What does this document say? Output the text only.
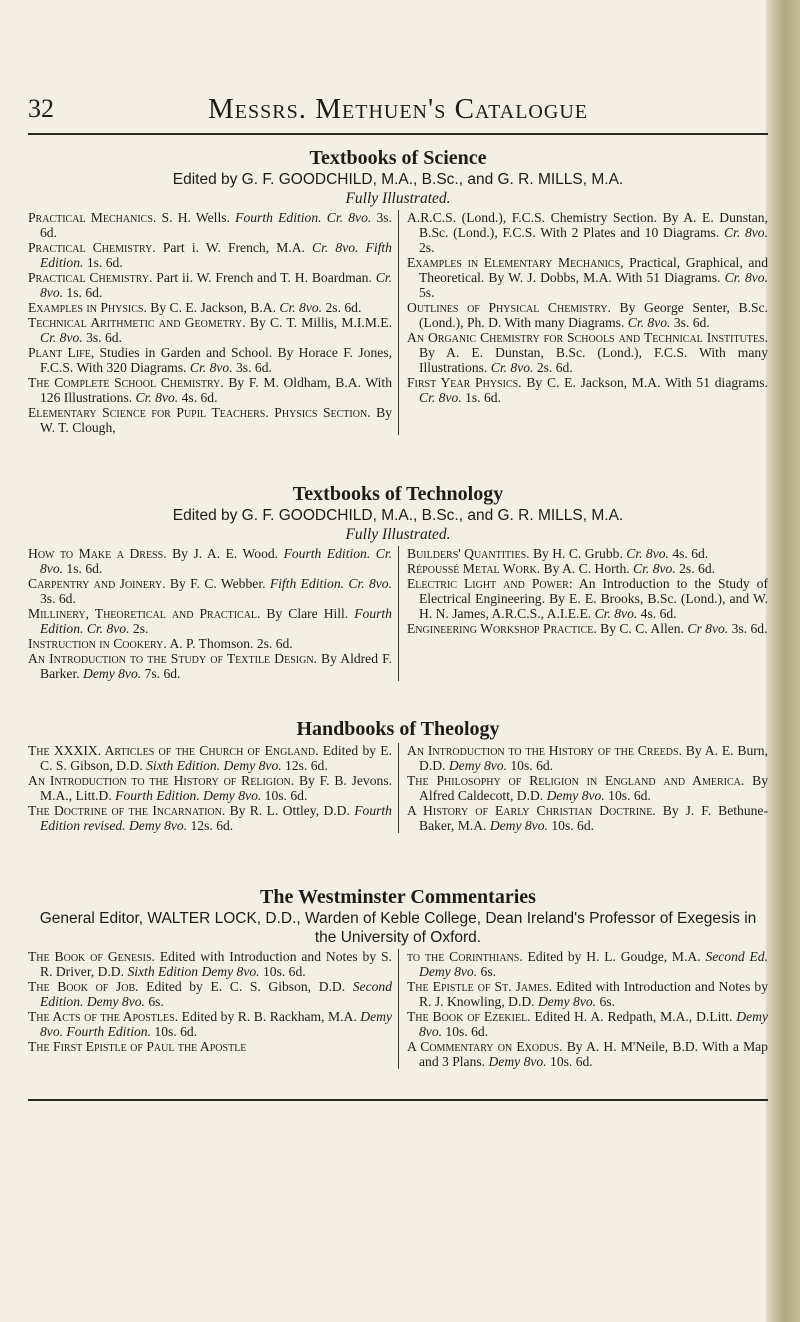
Messrs. Methuen's Catalogue
32
Textbooks of Science
Edited by G. F. GOODCHILD, M.A., B.Sc., and G. R. MILLS, M.A.
Fully Illustrated.

Practical Mechanics. S. H. Wells. Fourth Edition. Cr. 8vo. 3s. 6d.

Practical Chemistry. Part i. W. French, M.A. Cr. 8vo. Fifth Edition. 1s. 6d.

Practical Chemistry. Part ii. W. French and T. H. Boardman. Cr. 8vo. 1s. 6d.

Examples in Physics. By C. E. Jackson, B.A. Cr. 8vo. 2s. 6d.

Technical Arithmetic and Geometry. By C. T. Millis, M.I.M.E. Cr. 8vo. 3s. 6d.

Plant Life, Studies in Garden and School. By Horace F. Jones, F.C.S. With 320 Diagrams. Cr. 8vo. 3s. 6d.

The Complete School Chemistry. By F. M. Oldham, B.A. With 126 Illustrations. Cr. 8vo. 4s. 6d.

Elementary Science for Pupil Teachers. Physics Section. By W. T. Clough,

A.R.C.S. (Lond.), F.C.S. Chemistry Section. By A. E. Dunstan, B.Sc. (Lond.), F.C.S. With 2 Plates and 10 Diagrams. Cr. 8vo. 2s.

Examples in Elementary Mechanics, Practical, Graphical, and Theoretical. By W. J. Dobbs, M.A. With 51 Diagrams. Cr. 8vo. 5s.

Outlines of Physical Chemistry. By George Senter, B.Sc. (Lond.), Ph. D. With many Diagrams. Cr. 8vo. 3s. 6d.

An Organic Chemistry for Schools and Technical Institutes. By A. E. Dunstan, B.Sc. (Lond.), F.C.S. With many Illustrations. Cr. 8vo. 2s. 6d.

First Year Physics. By C. E. Jackson, M.A. With 51 diagrams. Cr. 8vo. 1s. 6d.

Textbooks of Technology
Edited by G. F. GOODCHILD, M.A., B.Sc., and G. R. MILLS, M.A.
Fully Illustrated.

How to Make a Dress. By J. A. E. Wood. Fourth Edition. Cr. 8vo. 1s. 6d.

Carpentry and Joinery. By F. C. Webber. Fifth Edition. Cr. 8vo. 3s. 6d.

Millinery, Theoretical and Practical. By Clare Hill. Fourth Edition. Cr. 8vo. 2s.

Instruction in Cookery. A. P. Thomson. 2s. 6d.

An Introduction to the Study of Textile Design. By Aldred F. Barker. Demy 8vo. 7s. 6d.

Builders' Quantities. By H. C. Grubb. Cr. 8vo. 4s. 6d.

Répoussé Metal Work. By A. C. Horth. Cr. 8vo. 2s. 6d.

Electric Light and Power: An Introduction to the Study of Electrical Engineering. By E. E. Brooks, B.Sc. (Lond.), and W. H. N. James, A.R.C.S., A.I.E.E. Cr. 8vo. 4s. 6d.

Engineering Workshop Practice. By C. C. Allen. Cr 8vo. 3s. 6d.

Handbooks of Theology

The XXXIX. Articles of the Church of England. Edited by E. C. S. Gibson, D.D. Sixth Edition. Demy 8vo. 12s. 6d.

An Introduction to the History of Religion. By F. B. Jevons. M.A., Litt.D. Fourth Edition. Demy 8vo. 10s. 6d.

The Doctrine of the Incarnation. By R. L. Ottley, D.D. Fourth Edition revised. Demy 8vo. 12s. 6d.

An Introduction to the History of the Creeds. By A. E. Burn, D.D. Demy 8vo. 10s. 6d.

The Philosophy of Religion in England and America. By Alfred Caldecott, D.D. Demy 8vo. 10s. 6d.

A History of Early Christian Doctrine. By J. F. Bethune-Baker, M.A. Demy 8vo. 10s. 6d.

The Westminster Commentaries
General Editor, WALTER LOCK, D.D., Warden of Keble College, Dean Ireland's Professor of Exegesis in the University of Oxford.

The Book of Genesis. Edited with Introduction and Notes by S. R. Driver, D.D. Sixth Edition Demy 8vo. 10s. 6d.

The Book of Job. Edited by E. C. S. Gibson, D.D. Second Edition. Demy 8vo. 6s.

The Acts of the Apostles. Edited by R. B. Rackham, M.A. Demy 8vo. Fourth Edition. 10s. 6d.

The First Epistle of Paul the Apostle

to the Corinthians. Edited by H. L. Goudge, M.A. Second Ed. Demy 8vo. 6s.

The Epistle of St. James. Edited with Introduction and Notes by R. J. Knowling, D.D. Demy 8vo. 6s.

The Book of Ezekiel. Edited H. A. Redpath, M.A., D.Litt. Demy 8vo. 10s. 6d.

A Commentary on Exodus. By A. H. M'Neile, B.D. With a Map and 3 Plans. Demy 8vo. 10s. 6d.
